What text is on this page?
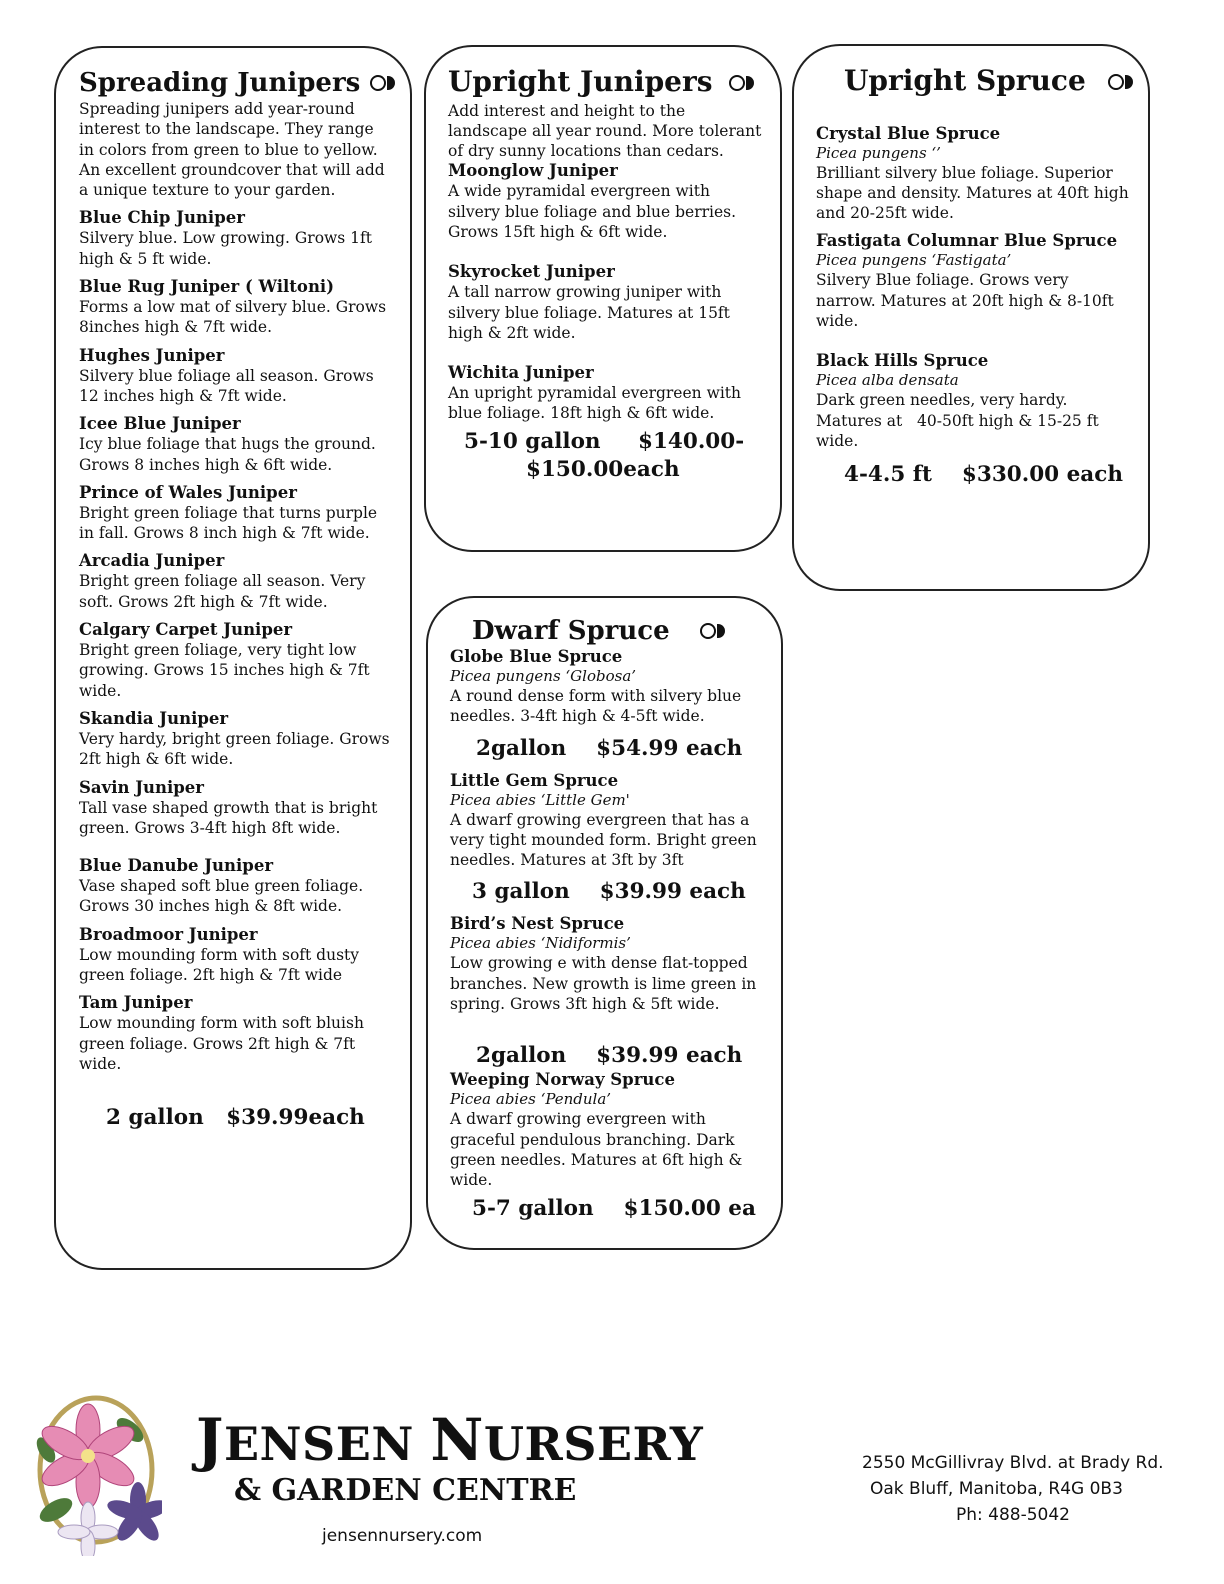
Spreading Junipers
Spreading junipers add year-round interest to the landscape. They range in colors from green to blue to yellow. An excellent groundcover that will add a unique texture to your garden.
Blue Chip Juniper
Silvery blue. Low growing. Grows 1ft high & 5 ft wide.
Blue Rug Juniper ( Wiltoni)
Forms a low mat of silvery blue. Grows 8inches high & 7ft wide.
Hughes Juniper
Silvery blue foliage all season. Grows 12 inches high & 7ft wide.
Icee Blue Juniper
Icy blue foliage that hugs the ground. Grows 8 inches high & 6ft wide.
Prince of Wales Juniper
Bright green foliage that turns purple in fall. Grows 8 inch high & 7ft wide.
Arcadia Juniper
Bright green foliage all season. Very soft. Grows 2ft high & 7ft wide.
Calgary Carpet Juniper
Bright green foliage, very tight low growing. Grows 15 inches high & 7ft wide.
Skandia Juniper
Very hardy, bright green foliage. Grows 2ft high & 6ft wide.
Savin Juniper
Tall vase shaped growth that is bright green. Grows 3-4ft high 8ft wide.
Blue Danube Juniper
Vase shaped soft blue green foliage. Grows 30 inches high & 8ft wide.
Broadmoor Juniper
Low mounding form with soft dusty green foliage. 2ft high & 7ft wide
Tam Juniper
Low mounding form with soft bluish green foliage. Grows 2ft high & 7ft wide.
2 gallon   $39.99each
Upright Junipers
Add interest and height to the landscape all year round. More tolerant of dry sunny locations than cedars.
Moonglow Juniper
A wide pyramidal evergreen with silvery blue foliage and blue berries. Grows 15ft high & 6ft wide.
Skyrocket Juniper
A tall narrow growing juniper with silvery blue foliage. Matures at 15ft high & 2ft wide.
Wichita Juniper
An upright pyramidal evergreen with blue foliage. 18ft high & 6ft wide.
5-10 gallon     $140.00-
$150.00each
Upright Spruce
Crystal Blue Spruce
Picea pungens ‘’
Brilliant silvery blue foliage. Superior shape and density. Matures at 40ft high and 20-25ft wide.
Fastigata Columnar Blue Spruce
Picea pungens ‘Fastigata’
Silvery Blue foliage. Grows very narrow. Matures at 20ft high & 8-10ft wide.
Black Hills Spruce
Picea alba densata
Dark green needles, very hardy. Matures at   40-50ft high & 15-25 ft wide.
4-4.5 ft    $330.00 each
Dwarf Spruce
Globe Blue Spruce
Picea pungens ‘Globosa’
A round dense form with silvery blue needles. 3-4ft high & 4-5ft wide.
2gallon    $54.99 each
Little Gem Spruce
Picea abies ‘Little Gem'
A dwarf growing evergreen that has a very tight mounded form. Bright green needles. Matures at 3ft by 3ft
3 gallon    $39.99 each
Bird’s Nest Spruce
Picea abies ‘Nidiformis’
Low growing e with dense flat-topped branches. New growth is lime green in spring. Grows 3ft high & 5ft wide.
2gallon    $39.99 each
Weeping Norway Spruce
Picea abies ‘Pendula’
A dwarf growing evergreen with graceful pendulous branching. Dark green needles. Matures at 6ft high & wide.
5-7 gallon    $150.00 ea
JENSEN NURSERY
& GARDEN CENTRE
jensennursery.com
2550 McGillivray Blvd. at Brady Rd.
Oak Bluff, Manitoba, R4G 0B3
Ph: 488-5042
